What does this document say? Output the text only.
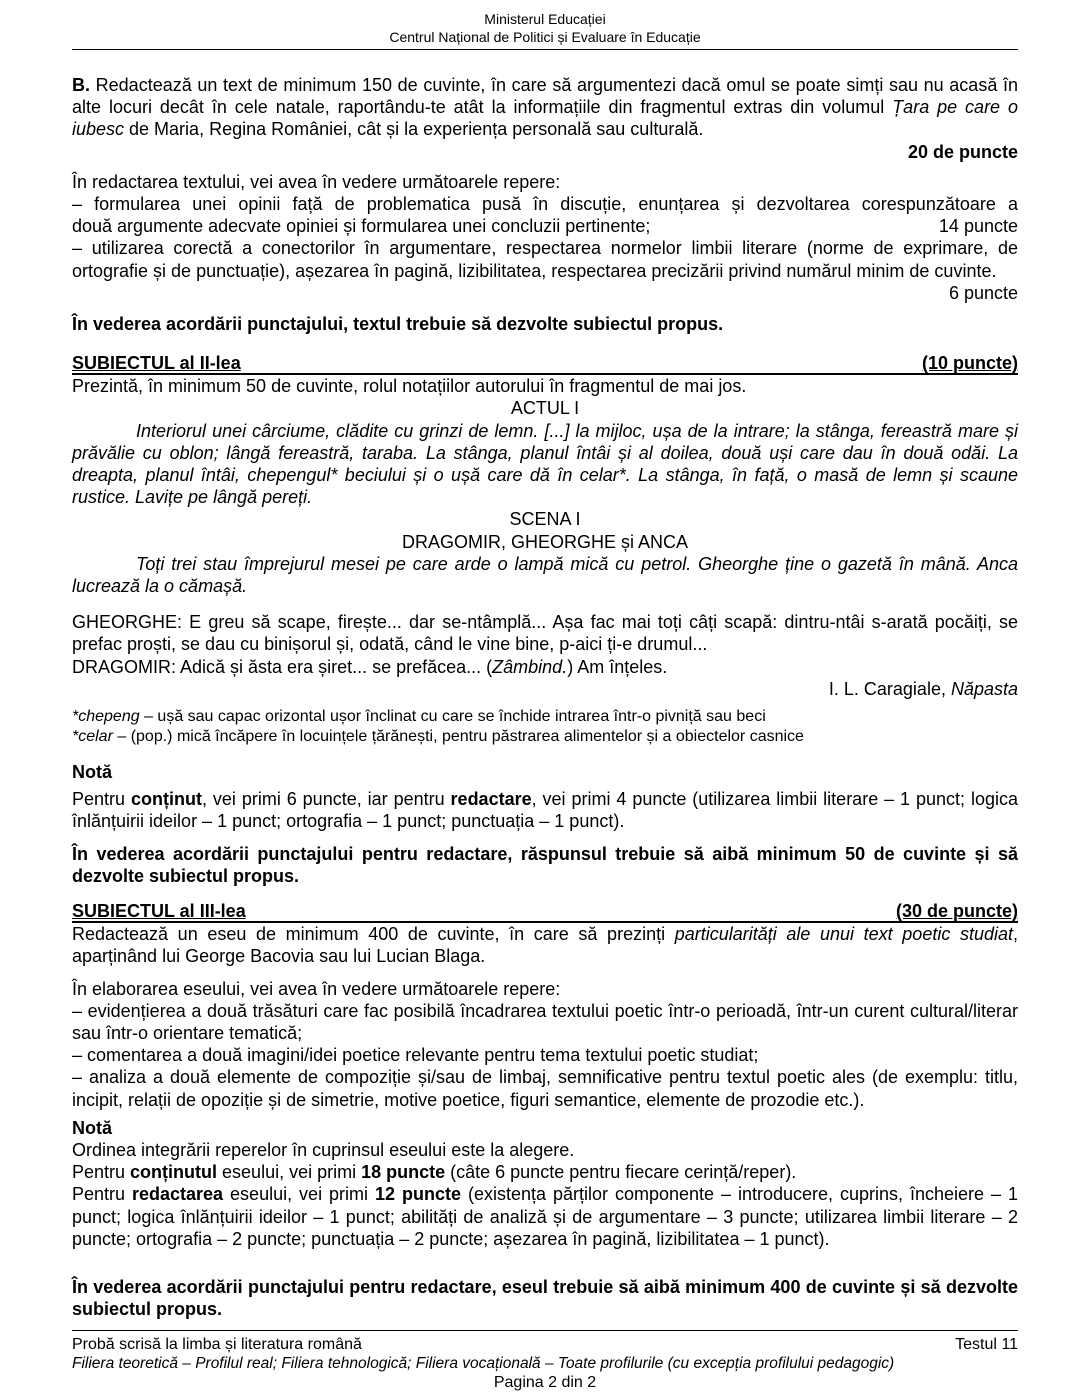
Ministerul Educației
Centrul Național de Politici și Evaluare în Educație

B. Redactează un text de minimum 150 de cuvinte, în care să argumentezi dacă omul se poate simți sau nu acasă în alte locuri decât în cele natale, raportându-te atât la informațiile din fragmentul extras din volumul Țara pe care o iubesc de Maria, Regina României, cât și la experiența personală sau culturală.

20 de puncte

În redactarea textului, vei avea în vedere următoarele repere:

– formularea unei opinii față de problematica pusă în discuție, enunțarea și dezvoltarea corespunzătoare a

două argumente adecvate opiniei și formularea unei concluzii pertinente;	14 puncte

– utilizarea corectă a conectorilor în argumentare, respectarea normelor limbii literare (norme de exprimare, de ortografie și de punctuație), așezarea în pagină, lizibilitatea, respectarea precizării privind numărul minim de cuvinte.

6 puncte

În vederea acordării punctajului, textul trebuie să dezvolte subiectul propus.

SUBIECTUL al II-lea	(10 puncte)

Prezintă, în minimum 50 de cuvinte, rolul notațiilor autorului în fragmentul de mai jos.

ACTUL I

Interiorul unei cârciume, clădite cu grinzi de lemn. [...] la mijloc, ușa de la intrare; la stânga, fereastră mare și prăvălie cu oblon; lângă fereastră, taraba. La stânga, planul întâi și al doilea, două uși care dau în două odăi. La dreapta, planul întâi, chepengul* beciului și o ușă care dă în celar*. La stânga, în față, o masă de lemn și scaune rustice. Lavițe pe lângă pereți.

SCENA I

DRAGOMIR, GHEORGHE și ANCA

Toți trei stau împrejurul mesei pe care arde o lampă mică cu petrol. Gheorghe ține o gazetă în mână. Anca lucrează la o cămașă.

GHEORGHE: E greu să scape, firește... dar se-ntâmplă... Așa fac mai toți câți scapă: dintru-ntâi s-arată pocăiți, se prefac proști, se dau cu binișorul și, odată, când le vine bine, p-aici ți-e drumul...

DRAGOMIR: Adică și ăsta era șiret... se prefăcea... (Zâmbind.) Am înțeles.

I. L. Caragiale, Năpasta

*chepeng – ușă sau capac orizontal ușor înclinat cu care se închide intrarea într-o pivniță sau beci
*celar – (pop.) mică încăpere în locuințele țărănești, pentru păstrarea alimentelor și a obiectelor casnice

Notă

Pentru conținut, vei primi 6 puncte, iar pentru redactare, vei primi 4 puncte (utilizarea limbii literare – 1 punct; logica înlănțuirii ideilor – 1 punct; ortografia – 1 punct; punctuația – 1 punct).

În vederea acordării punctajului pentru redactare, răspunsul trebuie să aibă minimum 50 de cuvinte și să dezvolte subiectul propus.

SUBIECTUL al III-lea	(30 de puncte)

Redactează un eseu de minimum 400 de cuvinte, în care să prezinți particularități ale unui text poetic studiat, aparținând lui George Bacovia sau lui Lucian Blaga.

În elaborarea eseului, vei avea în vedere următoarele repere:

– evidențierea a două trăsături care fac posibilă încadrarea textului poetic într-o perioadă, într-un curent cultural/literar sau într-o orientare tematică;

– comentarea a două imagini/idei poetice relevante pentru tema textului poetic studiat;

– analiza a două elemente de compoziție și/sau de limbaj, semnificative pentru textul poetic ales (de exemplu: titlu, incipit, relații de opoziție și de simetrie, motive poetice, figuri semantice, elemente de prozodie etc.).

Notă

Ordinea integrării reperelor în cuprinsul eseului este la alegere.

Pentru conținutul eseului, vei primi 18 puncte (câte 6 puncte pentru fiecare cerință/reper).

Pentru redactarea eseului, vei primi 12 puncte (existența părților componente – introducere, cuprins, încheiere – 1 punct; logica înlănțuirii ideilor – 1 punct; abilități de analiză și de argumentare – 3 puncte; utilizarea limbii literare – 2 puncte; ortografia – 2 puncte; punctuația – 2 puncte; așezarea în pagină, lizibilitatea – 1 punct).

În vederea acordării punctajului pentru redactare, eseul trebuie să aibă minimum 400 de cuvinte și să dezvolte subiectul propus.

Probă scrisă la limba și literatura română	Testul 11
Filiera teoretică – Profilul real; Filiera tehnologică; Filiera vocațională – Toate profilurile (cu excepția profilului pedagogic)
Pagina 2 din 2
